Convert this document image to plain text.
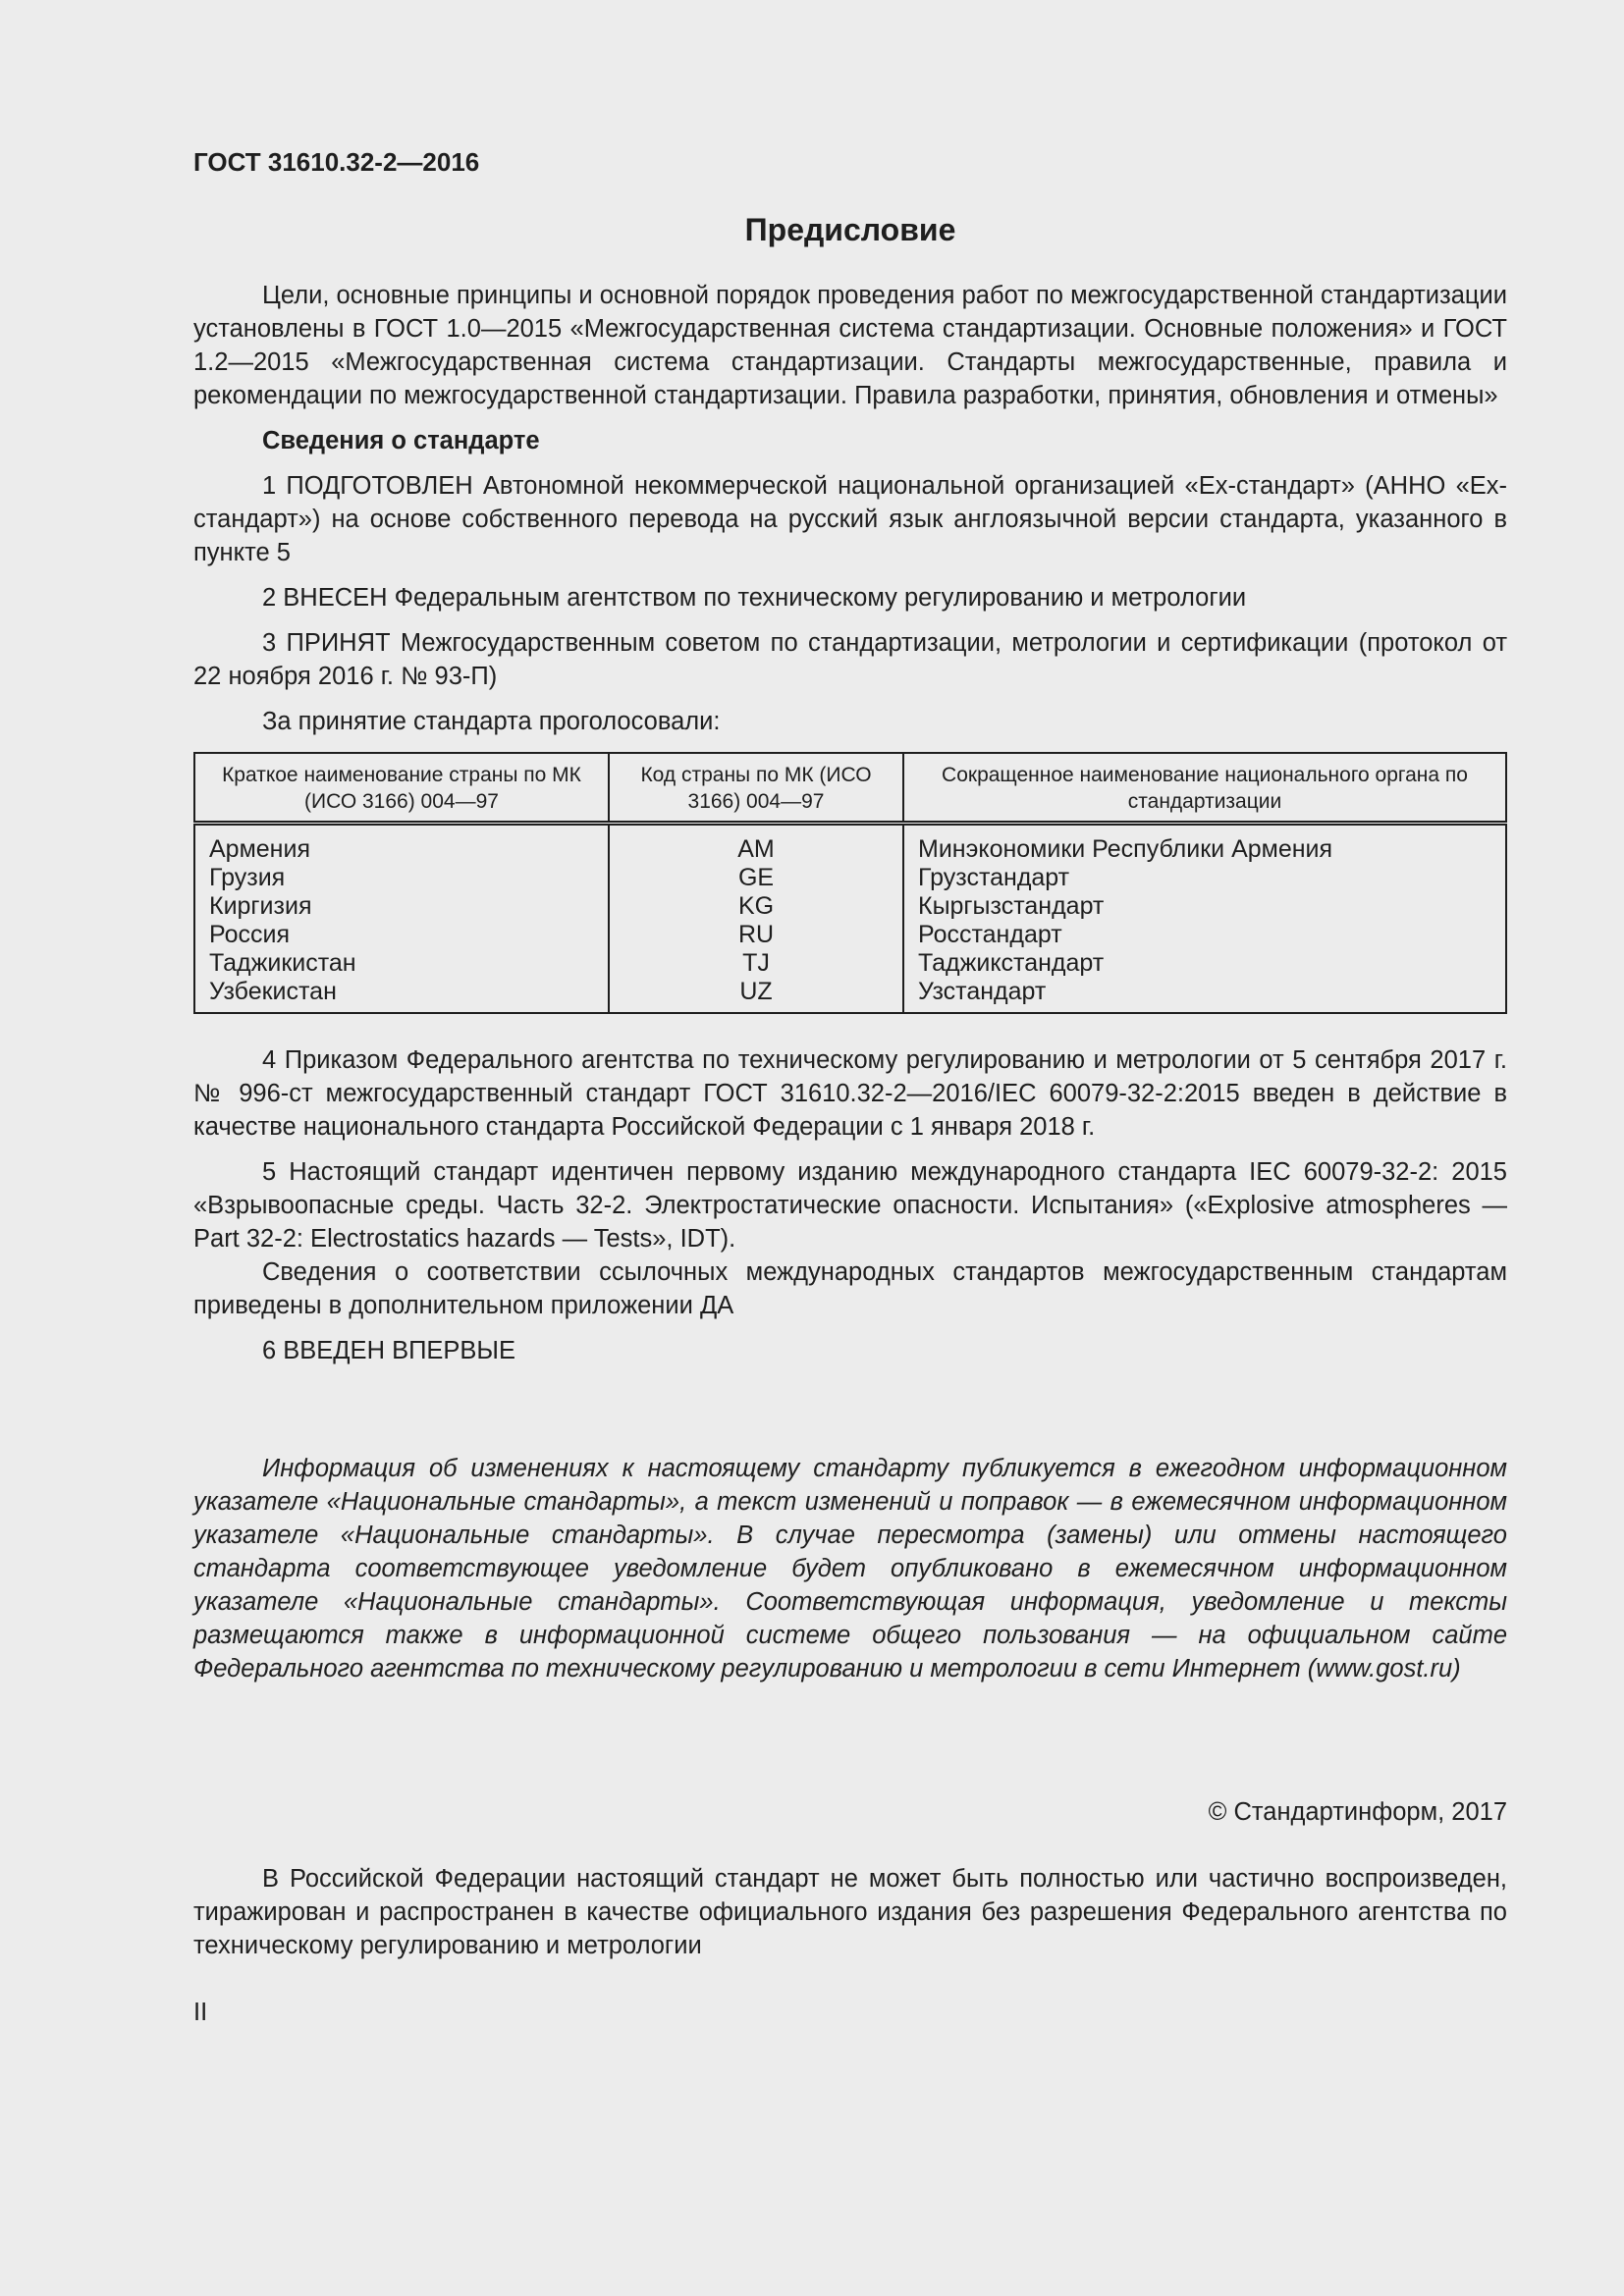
ГОСТ 31610.32-2—2016
Предисловие

Цели, основные принципы и основной порядок проведения работ по межгосударственной стандартизации установлены в ГОСТ 1.0—2015 «Межгосударственная система стандартизации. Основные положения» и ГОСТ 1.2—2015 «Межгосударственная система стандартизации. Стандарты межгосударственные, правила и рекомендации по межгосударственной стандартизации. Правила разработки, принятия, обновления и отмены»

Сведения о стандарте

1 ПОДГОТОВЛЕН Автономной некоммерческой национальной организацией «Ех-стандарт» (АННО «Ех-стандарт») на основе собственного перевода на русский язык англоязычной версии стандарта, указанного в пункте 5

2 ВНЕСЕН Федеральным агентством по техническому регулированию и метрологии

3 ПРИНЯТ Межгосударственным советом по стандартизации, метрологии и сертификации (протокол от 22 ноября 2016 г. № 93-П)

За принятие стандарта проголосовали:

Краткое наименование страны по МК (ИСО 3166) 004—97	Код страны по МК (ИСО 3166) 004—97	Сокращенное наименование национального органа по стандартизации
Армения	AM	Минэкономики Республики Армения
Грузия	GE	Грузстандарт
Киргизия	KG	Кыргызстандарт
Россия	RU	Росстандарт
Таджикистан	TJ	Таджикстандарт
Узбекистан	UZ	Узстандарт

4 Приказом Федерального агентства по техническому регулированию и метрологии от 5 сентября 2017 г. № 996-ст межгосударственный стандарт ГОСТ 31610.32-2—2016/IEC 60079-32-2:2015 введен в действие в качестве национального стандарта Российской Федерации с 1 января 2018 г.

5 Настоящий стандарт идентичен первому изданию международного стандарта IEC 60079-32-2: 2015 «Взрывоопасные среды. Часть 32-2. Электростатические опасности. Испытания» («Explosive atmospheres — Part 32-2: Electrostatics hazards — Tests», IDT).

Сведения о соответствии ссылочных международных стандартов межгосударственным стандартам приведены в дополнительном приложении ДА

6 ВВЕДЕН ВПЕРВЫЕ

Информация об изменениях к настоящему стандарту публикуется в ежегодном информационном указателе «Национальные стандарты», а текст изменений и поправок — в ежемесячном информационном указателе «Национальные стандарты». В случае пересмотра (замены) или отмены настоящего стандарта соответствующее уведомление будет опубликовано в ежемесячном информационном указателе «Национальные стандарты». Соответствующая информация, уведомление и тексты размещаются также в информационной системе общего пользования — на официальном сайте Федерального агентства по техническому регулированию и метрологии в сети Интернет (www.gost.ru)

© Стандартинформ, 2017

В Российской Федерации настоящий стандарт не может быть полностью или частично воспроизведен, тиражирован и распространен в качестве официального издания без разрешения Федерального агентства по техническому регулированию и метрологии

II
